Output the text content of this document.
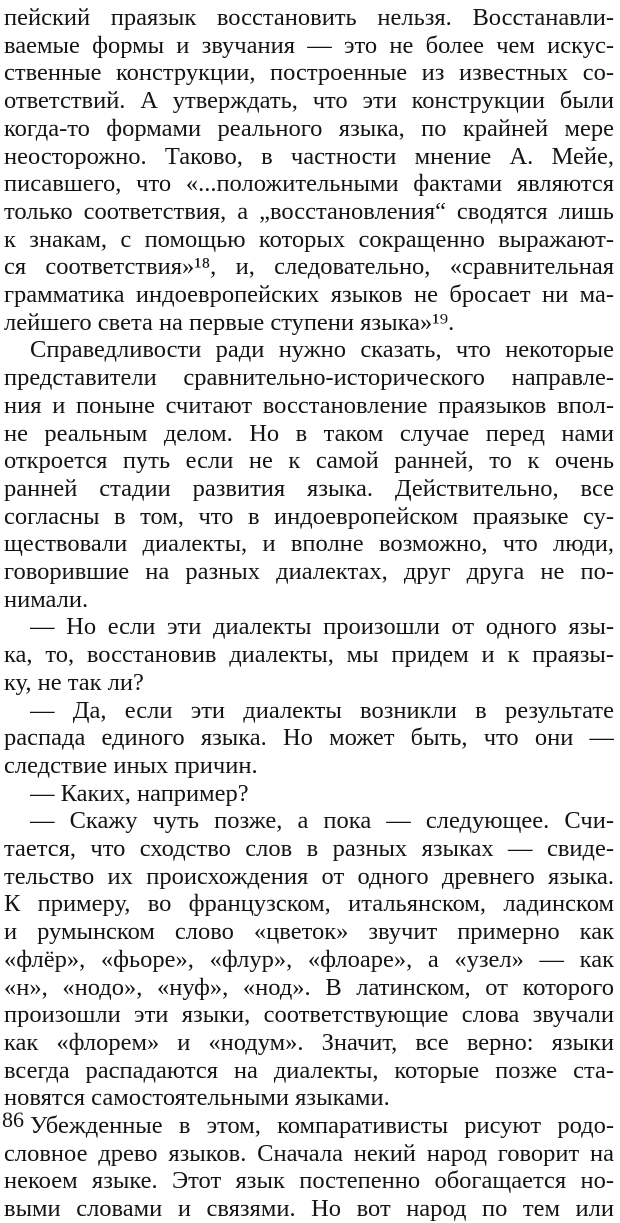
пейский праязык восстановить нельзя. Восстанавли-
ваемые формы и звучания — это не более чем искус-
ственные конструкции, построенные из известных со-
ответствий. А утверждать, что эти конструкции были
когда-то формами реального языка, по крайней мере
неосторожно. Таково, в частности мнение А. Мейе,
писавшего, что «...положительными фактами являются
только соответствия, а „восстановления“ сводятся лишь
к знакам, с помощью которых сокращенно выражают-
ся соответствия»¹⁸, и, следовательно, «сравнительная
грамматика индоевропейских языков не бросает ни ма-
лейшего света на первые ступени языка»¹⁹.
Справедливости ради нужно сказать, что некоторые
представители сравнительно-исторического направле-
ния и поныне считают восстановление праязыков впол-
не реальным делом. Но в таком случае перед нами
откроется путь если не к самой ранней, то к очень
ранней стадии развития языка. Действительно, все
согласны в том, что в индоевропейском праязыке су-
ществовали диалекты, и вполне возможно, что люди,
говорившие на разных диалектах, друг друга не по-
нимали.
— Но если эти диалекты произошли от одного язы-
ка, то, восстановив диалекты, мы придем и к праязы-
ку, не так ли?
— Да, если эти диалекты возникли в результате
распада единого языка. Но может быть, что они —
следствие иных причин.
— Каких, например?
— Скажу чуть позже, а пока — следующее. Счи-
тается, что сходство слов в разных языках — свиде-
тельство их происхождения от одного древнего языка.
К примеру, во французском, итальянском, ладинском
и румынском слово «цветок» звучит примерно как
«флёр», «фьоре», «флур», «флоаре», а «узел» — как
«н», «нодо», «нуф», «нод». В латинском, от которого
произошли эти языки, соответствующие слова звучали
как «флорем» и «нодум». Значит, все верно: языки
всегда распадаются на диалекты, которые позже ста-
новятся самостоятельными языками.
Убежденные в этом, компаративисты рисуют родо-
словное древо языков. Сначала некий народ говорит на
некоем языке. Этот язык постепенно обогащается но-
выми словами и связями. Но вот народ по тем или
86
